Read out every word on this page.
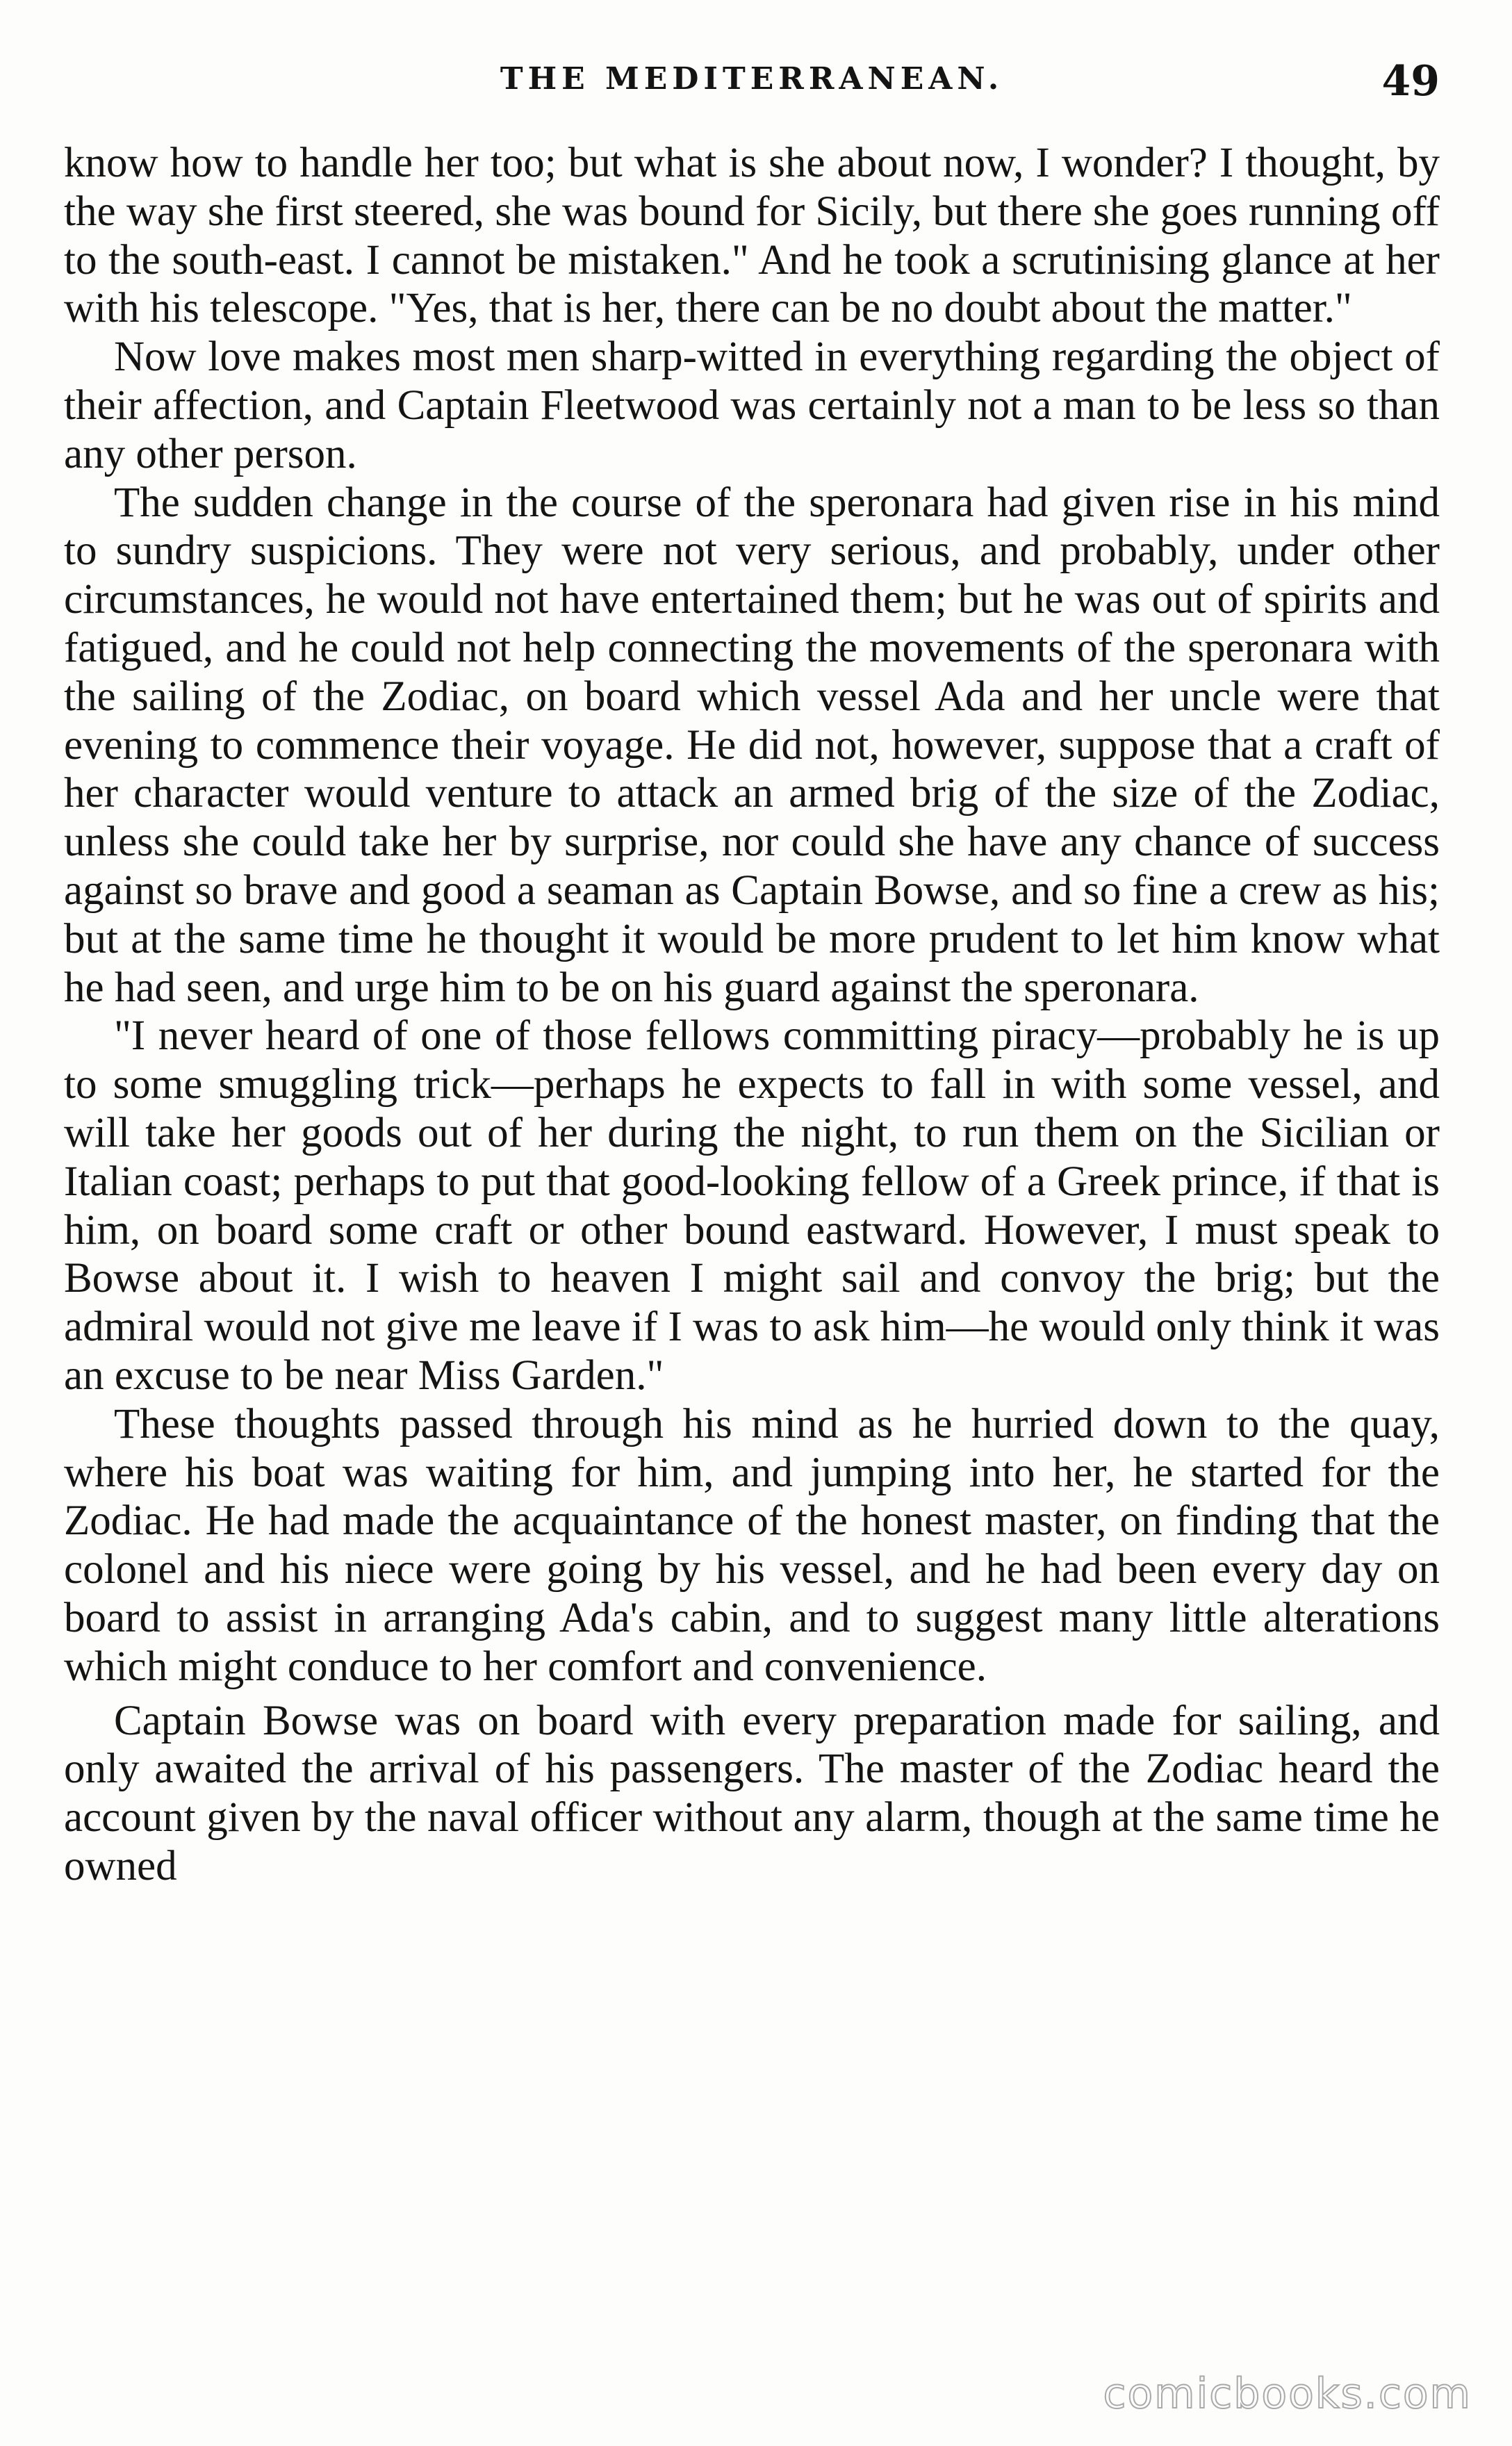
THE MEDITERRANEAN.	49

know how to handle her too; but what is she about now, I wonder? I thought, by the way she first steered, she was bound for Sicily, but there she goes running off to the south-east. I cannot be mistaken." And he took a scrutinising glance at her with his telescope. "Yes, that is her, there can be no doubt about the matter."

Now love makes most men sharp-witted in everything regarding the object of their affection, and Captain Fleetwood was certainly not a man to be less so than any other person.

The sudden change in the course of the speronara had given rise in his mind to sundry suspicions. They were not very serious, and probably, under other circumstances, he would not have entertained them; but he was out of spirits and fatigued, and he could not help connecting the movements of the speronara with the sailing of the Zodiac, on board which vessel Ada and her uncle were that evening to commence their voyage. He did not, however, suppose that a craft of her character would venture to attack an armed brig of the size of the Zodiac, unless she could take her by surprise, nor could she have any chance of success against so brave and good a seaman as Captain Bowse, and so fine a crew as his; but at the same time he thought it would be more prudent to let him know what he had seen, and urge him to be on his guard against the speronara.

"I never heard of one of those fellows committing piracy—probably he is up to some smuggling trick—perhaps he expects to fall in with some vessel, and will take her goods out of her during the night, to run them on the Sicilian or Italian coast; perhaps to put that good-looking fellow of a Greek prince, if that is him, on board some craft or other bound eastward. However, I must speak to Bowse about it. I wish to heaven I might sail and convoy the brig; but the admiral would not give me leave if I was to ask him—he would only think it was an excuse to be near Miss Garden."

These thoughts passed through his mind as he hurried down to the quay, where his boat was waiting for him, and jumping into her, he started for the Zodiac. He had made the acquaintance of the honest master, on finding that the colonel and his niece were going by his vessel, and he had been every day on board to assist in arranging Ada's cabin, and to suggest many little alterations which might conduce to her comfort and convenience.

Captain Bowse was on board with every preparation made for sailing, and only awaited the arrival of his passengers. The master of the Zodiac heard the account given by the naval officer without any alarm, though at the same time he owned

comicbooks.com
